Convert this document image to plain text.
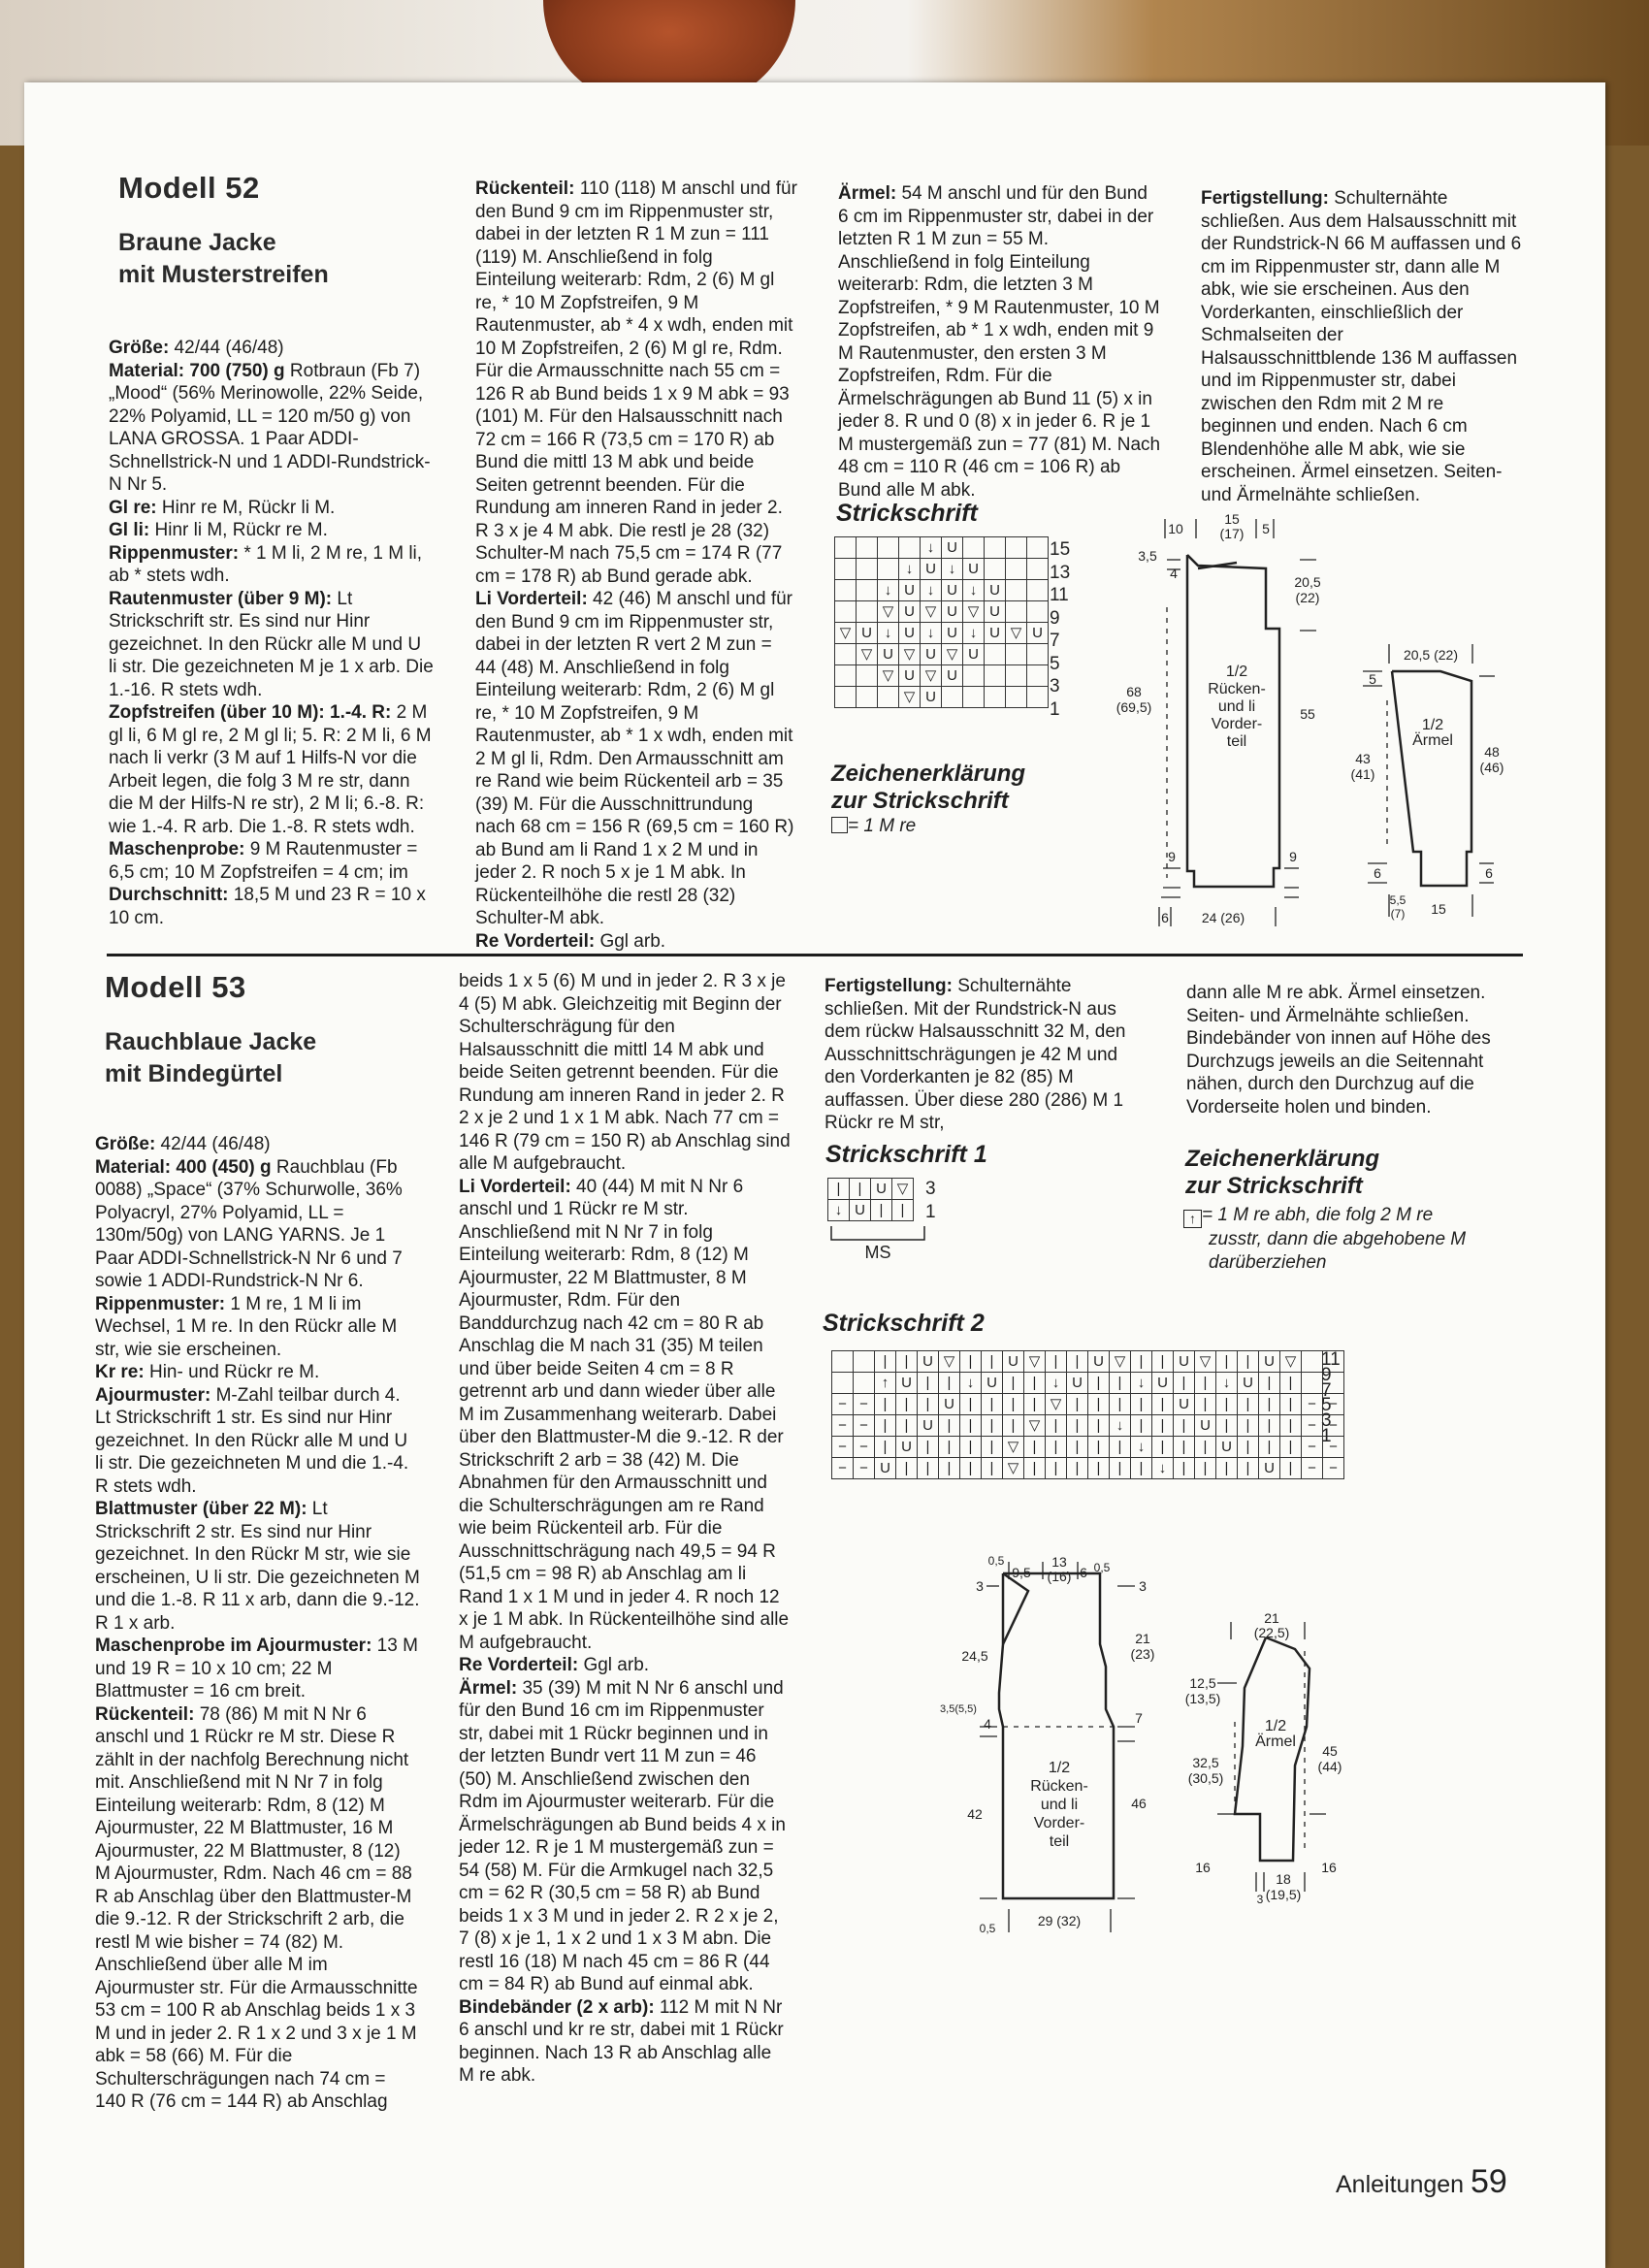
Modell 52
Braune Jacke
mit Musterstreifen

Größe: 42/44 (46/48)

Material: 700 (750) g Rotbraun (Fb 7) „Mood“ (56% Merinowolle, 22% Seide, 22% Polyamid, LL = 120 m/50 g) von LANA GROSSA. 1 Paar ADDI-Schnellstrick-N und 1 ADDI-Rundstrick-N Nr 5.

Gl re: Hinr re M, Rückr li M.

Gl li: Hinr li M, Rückr re M.

Rippenmuster: * 1 M li, 2 M re, 1 M li, ab * stets wdh.

Rautenmuster (über 9 M): Lt Strickschrift str. Es sind nur Hinr gezeichnet. In den Rückr alle M und U li str. Die gezeichneten M je 1 x arb. Die 1.-16. R stets wdh.

Zopfstreifen (über 10 M): 1.-4. R: 2 M gl li, 6 M gl re, 2 M gl li; 5. R: 2 M li, 6 M nach li verkr (3 M auf 1 Hilfs-N vor die Arbeit legen, die folg 3 M re str, dann die M der Hilfs-N re str), 2 M li; 6.-8. R: wie 1.-4. R arb. Die 1.-8. R stets wdh.

Maschenprobe: 9 M Rautenmuster = 6,5 cm; 10 M Zopfstreifen = 4 cm; im

Durchschnitt: 18,5 M und 23 R = 10 x 10 cm.

Rückenteil: 110 (118) M anschl und für den Bund 9 cm im Rippenmuster str, dabei in der letzten R 1 M zun = 111 (119) M. Anschließend in folg Einteilung weiterarb: Rdm, 2 (6) M gl re, * 10 M Zopfstreifen, 9 M Rautenmuster, ab * 4 x wdh, enden mit 10 M Zopfstreifen, 2 (6) M gl re, Rdm. Für die Armausschnitte nach 55 cm = 126 R ab Bund beids 1 x 9 M abk = 93 (101) M. Für den Halsausschnitt nach 72 cm = 166 R (73,5 cm = 170 R) ab Bund die mittl 13 M abk und beide Seiten getrennt beenden. Für die Rundung am inneren Rand in jeder 2. R 3 x je 4 M abk. Die restl je 28 (32) Schulter-M nach 75,5 cm = 174 R (77 cm = 178 R) ab Bund gerade abk.

Li Vorderteil: 42 (46) M anschl und für den Bund 9 cm im Rippenmuster str, dabei in der letzten R vert 2 M zun = 44 (48) M. Anschließend in folg Einteilung weiterarb: Rdm, 2 (6) M gl re, * 10 M Zopfstreifen, 9 M Rautenmuster, ab * 1 x wdh, enden mit 2 M gl li, Rdm. Den Armausschnitt am re Rand wie beim Rückenteil arb = 35 (39) M. Für die Ausschnittrundung nach 68 cm = 156 R (69,5 cm = 160 R) ab Bund am li Rand 1 x 2 M und in jeder 2. R noch 5 x je 1 M abk. In Rückenteilhöhe die restl 28 (32) Schulter-M abk.

Re Vorderteil: Ggl arb.

Ärmel: 54 M anschl und für den Bund 6 cm im Rippenmuster str, dabei in der letzten R 1 M zun = 55 M. Anschließend in folg Einteilung weiterarb: Rdm, die letzten 3 M Zopfstreifen, * 9 M Rautenmuster, 10 M Zopfstreifen, ab * 1 x wdh, enden mit 9 M Rautenmuster, den ersten 3 M Zopfstreifen, Rdm. Für die Ärmelschrägungen ab Bund 11 (5) x in jeder 8. R und 0 (8) x in jeder 6. R je 1 M mustergemäß zun = 77 (81) M. Nach 48 cm = 110 R (46 cm = 106 R) ab Bund alle M abk.

Fertigstellung: Schulternähte schließen. Aus dem Halsausschnitt mit der Rundstrick-N 66 M auffassen und 6 cm im Rippenmuster str, dann alle M abk, wie sie erscheinen. Aus den Vorderkanten, einschließlich der Schmalseiten der Halsausschnittblende 136 M auffassen und im Rippenmuster str, dabei zwischen den Rdm mit 2 M re beginnen und enden. Nach 6 cm Blendenhöhe alle M abk, wie sie erscheinen. Ärmel einsetzen. Seiten- und Ärmelnähte schließen.

Strickschrift
				↓	U				
			↓	U	↓	U			
		↓	U	↓	U	↓	U		
		▽	U	▽	U	▽	U		
▽	U	↓	U	↓	U	↓	U	▽	U
	▽	U	▽	U	▽	U			
		▽	U	▽	U				
			▽	U					
15
13
11
9
7
5
3
1
Zeichenerklärung
zur Strickschrift
= 1 M re
10
15
(17) 5
3,5
4
20,5
(22)
68
(69,5)
1/2
Rücken-
und li
Vorder-
teil
55
9	9
6 24 (26)
20,5 (22)
5
43
(41)
1/2
Ärmel
48
(46)
6	6
5,5
(7) 15
Modell 53
Rauchblaue Jacke
mit Bindegürtel

Größe: 42/44 (46/48)

Material: 400 (450) g Rauchblau (Fb 0088) „Space“ (37% Schurwolle, 36% Polyacryl, 27% Polyamid, LL = 130m/50g) von LANG YARNS. Je 1 Paar ADDI-Schnellstrick-N Nr 6 und 7 sowie 1 ADDI-Rundstrick-N Nr 6.

Rippenmuster: 1 M re, 1 M li im Wechsel, 1 M re. In den Rückr alle M str, wie sie erscheinen.

Kr re: Hin- und Rückr re M.

Ajourmuster: M-Zahl teilbar durch 4. Lt Strickschrift 1 str. Es sind nur Hinr gezeichnet. In den Rückr alle M und U li str. Die gezeichneten M und die 1.-4. R stets wdh.

Blattmuster (über 22 M): Lt Strickschrift 2 str. Es sind nur Hinr gezeichnet. In den Rückr M str, wie sie erscheinen, U li str. Die gezeichneten M und die 1.-8. R 11 x arb, dann die 9.-12. R 1 x arb.

Maschenprobe im Ajourmuster: 13 M und 19 R = 10 x 10 cm; 22 M Blattmuster = 16 cm breit.

Rückenteil: 78 (86) M mit N Nr 6 anschl und 1 Rückr re M str. Diese R zählt in der nachfolg Berechnung nicht mit. Anschließend mit N Nr 7 in folg Einteilung weiterarb: Rdm, 8 (12) M Ajourmuster, 22 M Blattmuster, 16 M Ajourmuster, 22 M Blattmuster, 8 (12) M Ajourmuster, Rdm. Nach 46 cm = 88 R ab Anschlag über den Blattmuster-M die 9.-12. R der Strickschrift 2 arb, die restl M wie bisher = 74 (82) M. Anschließend über alle M im Ajourmuster str. Für die Armausschnitte 53 cm = 100 R ab Anschlag beids 1 x 3 M und in jeder 2. R 1 x 2 und 3 x je 1 M abk = 58 (66) M. Für die Schulterschrägungen nach 74 cm = 140 R (76 cm = 144 R) ab Anschlag

beids 1 x 5 (6) M und in jeder 2. R 3 x je 4 (5) M abk. Gleichzeitig mit Beginn der Schulterschrägung für den Halsausschnitt die mittl 14 M abk und beide Seiten getrennt beenden. Für die Rundung am inneren Rand in jeder 2. R 2 x je 2 und 1 x 1 M abk. Nach 77 cm = 146 R (79 cm = 150 R) ab Anschlag sind alle M aufgebraucht.

Li Vorderteil: 40 (44) M mit N Nr 6 anschl und 1 Rückr re M str. Anschließend mit N Nr 7 in folg Einteilung weiterarb: Rdm, 8 (12) M Ajourmuster, 22 M Blattmuster, 8 M Ajourmuster, Rdm. Für den Banddurchzug nach 42 cm = 80 R ab Anschlag die M nach 31 (35) M teilen und über beide Seiten 4 cm = 8 R getrennt arb und dann wieder über alle M im Zusammenhang weiterarb. Dabei über den Blattmuster-M die 9.-12. R der Strickschrift 2 arb = 38 (42) M. Die Abnahmen für den Armausschnitt und die Schulterschrägungen am re Rand wie beim Rückenteil arb. Für die Ausschnittschrägung nach 49,5 = 94 R (51,5 cm = 98 R) ab Anschlag am li Rand 1 x 1 M und in jeder 4. R noch 12 x je 1 M abk. In Rückenteilhöhe sind alle M aufgebraucht.

Re Vorderteil: Ggl arb.

Ärmel: 35 (39) M mit N Nr 6 anschl und für den Bund 16 cm im Rippenmuster str, dabei mit 1 Rückr beginnen und in der letzten Bundr vert 11 M zun = 46 (50) M. Anschließend zwischen den Rdm im Ajourmuster weiterarb. Für die Ärmelschrägungen ab Bund beids 4 x in jeder 12. R je 1 M mustergemäß zun = 54 (58) M. Für die Armkugel nach 32,5 cm = 62 R (30,5 cm = 58 R) ab Bund beids 1 x 3 M und in jeder 2. R 2 x je 2, 7 (8) x je 1, 1 x 2 und 1 x 3 M abn. Die restl 16 (18) M nach 45 cm = 86 R (44 cm = 84 R) ab Bund auf einmal abk.

Bindebänder (2 x arb): 112 M mit N Nr 6 anschl und kr re str, dabei mit 1 Rückr beginnen. Nach 13 R ab Anschlag alle M re abk.

Fertigstellung: Schulternähte schließen. Mit der Rundstrick-N aus dem rückw Halsausschnitt 32 M, den Ausschnittschrägungen je 42 M und den Vorderkanten je 82 (85) M auffassen. Über diese 280 (286) M 1 Rückr re M str,

dann alle M re abk. Ärmel einsetzen. Seiten- und Ärmelnähte schließen. Bindebänder von innen auf Höhe des Durchzugs jeweils an die Seitennaht nähen, durch den Durchzug auf die Vorderseite holen und binden.

Strickschrift 1
|	|	U	▽
↓	U	|	|
3
1
MS
Zeichenerklärung
zur Strickschrift
↑ = 1 M re abh, die folg 2 M re
zusstr, dann die abgehobene M
darüberziehen
Strickschrift 2
		|	|	U	▽	|	|	U	▽	|	|	U	▽	|	|	U	▽	|	|	U	▽		
		↑	U	|	|	↓	U	|	|	↓	U	|	|	↓	U	|	|	↓	U	|	|		
−	−	|	|	|	U	|	|	|	|	▽	|	|	|	|	|	U	|	|	|	|	|	−	−
−	−	|	|	U	|	|	|	|	▽	|	|	|	↓	|	|	|	U	|	|	|	|	−	−
−	−	|	U	|	|	|	|	▽	|	|	|	|	|	↓	|	|	|	U	|	|	|	−	−
−	−	U	|	|	|	|	|	▽	|	|	|	|	|	|	↓	|	|	|	|	U	|	−	−
11
9
7
5
3
1
0,5
9,5
13
(16) 6 0,5
3	3
24,5
21
(23)
3,5(5,5)
4	7
1/2
Rücken-
und li
Vorder-
teil
42
46
0,5	29 (32)
21
(22,5)
12,5
(13,5)
1/2
Ärmel
32,5
(30,5)
45
(44)
16	16
3
18
(19,5)
Anleitungen 59
